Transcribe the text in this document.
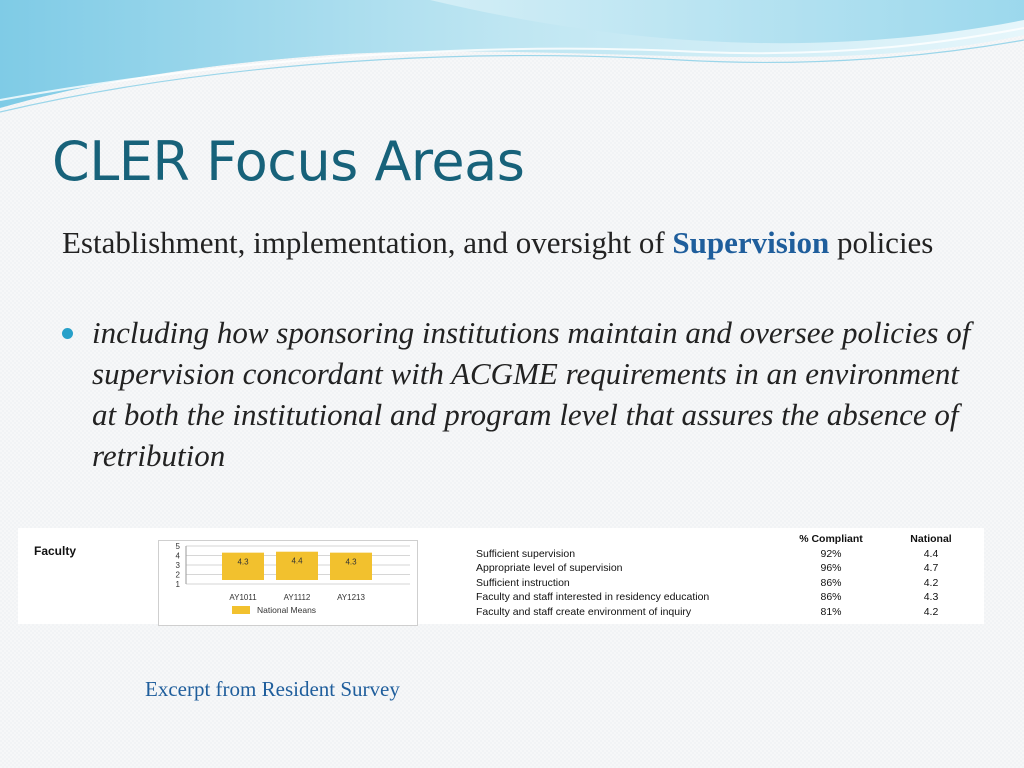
CLER Focus Areas

Establishment, implementation, and oversight of Supervision policies

including how sponsoring institutions maintain and oversee policies of supervision concordant with ACGME requirements in an environment at both the institutional and program level that assures the absence of retribution
Faculty
1
2
3
4
5
4.3
AY1011
4.4
AY1112
4.3
AY1213
National Means
	% Compliant	National
Sufficient supervision	92%	4.4
Appropriate level of supervision	96%	4.7
Sufficient instruction	86%	4.2
Faculty and staff interested in residency education	86%	4.3
Faculty and staff create environment of inquiry	81%	4.2
Excerpt from Resident Survey
